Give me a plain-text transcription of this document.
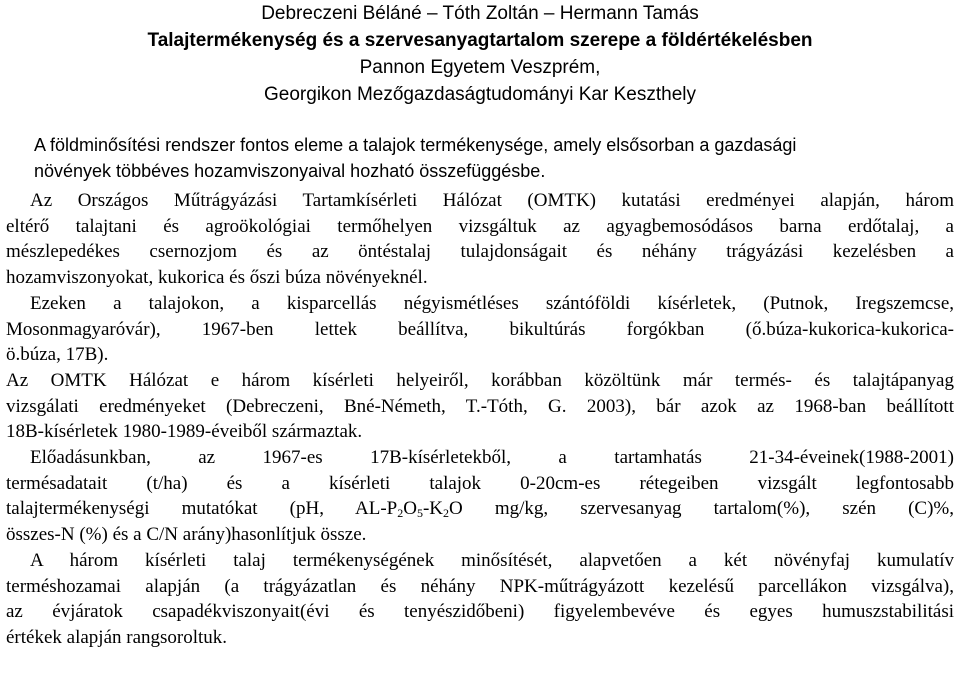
Debreczeni Béláné – Tóth Zoltán – Hermann Tamás
Talajtermékenység és a szervesanyagtartalom szerepe a földértékelésben
Pannon Egyetem Veszprém,
Georgikon Mezőgazdaságtudományi Kar Keszthely
A földminősítési rendszer fontos eleme a talajok termékenysége, amely elsősorban a gazdasági
növények többéves hozamviszonyaival hozható összefüggésbe.
Az Országos Műtrágyázási Tartamkísérleti Hálózat (OMTK) kutatási eredményei alapján, három
eltérő talajtani és agroökológiai termőhelyen vizsgáltuk az agyagbemosódásos barna erdőtalaj, a
mészlepedékes csernozjom és az öntéstalaj tulajdonságait és néhány trágyázási kezelésben a
hozamviszonyokat, kukorica és őszi búza növényeknél.
Ezeken a talajokon, a kisparcellás négyismétléses szántóföldi kísérletek, (Putnok, Iregszemcse,
Mosonmagyaróvár), 1967-ben lettek beállítva, bikultúrás forgókban (ő.búza-kukorica-kukorica-
ö.búza, 17B).
Az OMTK Hálózat e három kísérleti helyeiről, korábban közöltünk már termés- és talajtápanyag
vizsgálati eredményeket (Debreczeni, Bné-Németh, T.-Tóth, G. 2003), bár azok az 1968-ban beállított
18B-kísérletek 1980-1989-éveiből származtak.
Előadásunkban, az 1967-es 17B-kísérletekből, a tartamhatás 21-34-éveinek(1988-2001)
termésadatait (t/ha) és a kísérleti talajok 0-20cm-es rétegeiben vizsgált legfontosabb
talajtermékenységi mutatókat (pH, $AL-P_2O_5-K_2O$ mg/kg, szervesanyag tartalom(%), szén (C)%,
összes-N (%) és a C/N arány)hasonlítjuk össze.
A három kísérleti talaj termékenységének minősítését, alapvetően a két növényfaj kumulatív
terméshozamai alapján (a trágyázatlan és néhány NPK-műtrágyázott kezelésű parcellákon vizsgálva),
az évjáratok csapadékviszonyait(évi és tenyészidőbeni) figyelembevéve és egyes humuszstabilitási
értékek alapján rangsoroltuk.
